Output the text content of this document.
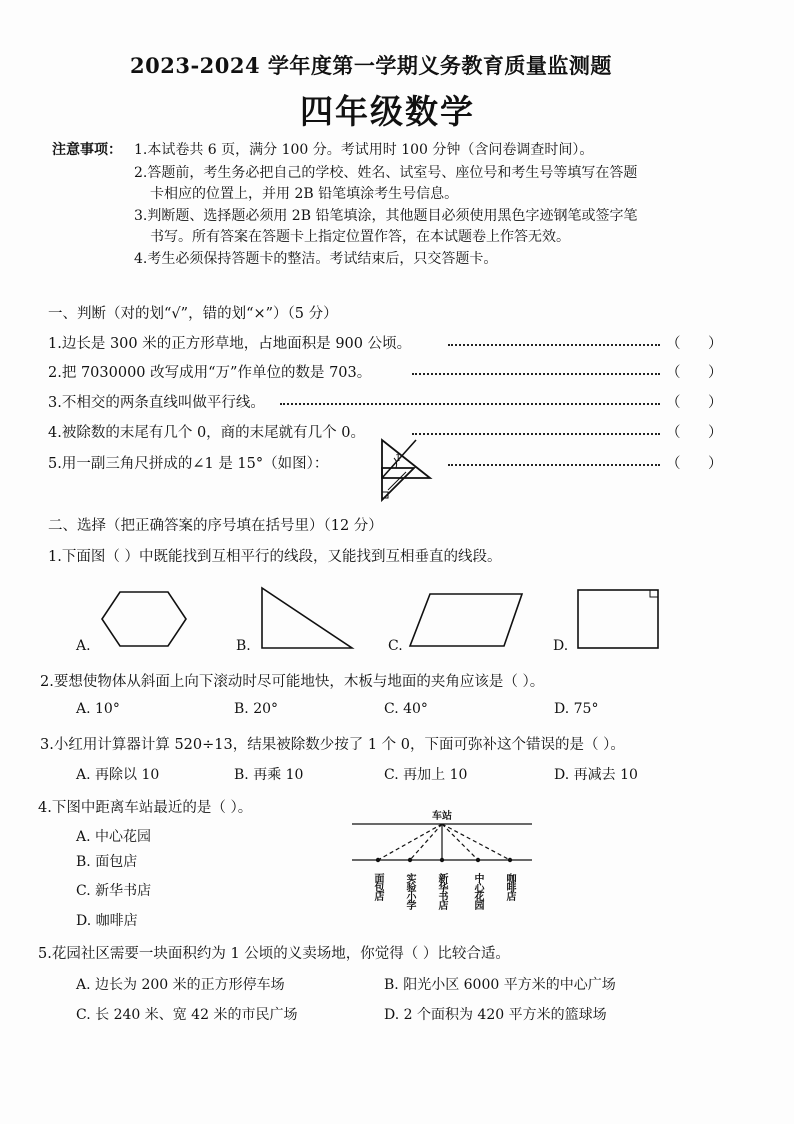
2023-2024 学年度第一学期义务教育质量监测题
四年级数学
注意事项： 1.本试卷共 6 页，满分 100 分。考试用时 100 分钟（含问卷调查时间）。
2.答题前，考生务必把自己的学校、姓名、试室号、座位号和考生号等填写在答题
卡相应的位置上，并用 2B 铅笔填涂考生号信息。
3.判断题、选择题必须用 2B 铅笔填涂，其他题目必须使用黑色字迹钢笔或签字笔
书写。所有答案在答题卡上指定位置作答，在本试题卷上作答无效。
4.考生必须保持答题卡的整洁。考试结束后，只交答题卡。
一、判断（对的划“√”，错的划“×”）（5 分）
1.边长是 300 米的正方形草地，占地面积是 900 公顷。	（ ）
2.把 7030000 改写成用“万”作单位的数是 703。	（ ）
3.不相交的两条直线叫做平行线。	（ ）
4.被除数的末尾有几个 0，商的末尾就有几个 0。	（ ）
5.用一副三角尺拼成的∠1 是 15°（如图）：	（ ）
1
二、选择（把正确答案的序号填在括号里）（12 分）
1.下面图（ ）中既能找到互相平行的线段，又能找到互相垂直的线段。
A.	B.	C.	D.
2.要想使物体从斜面上向下滚动时尽可能地快，木板与地面的夹角应该是（ ）。
A. 10°	B. 20°	C. 40°	D. 75°
3.小红用计算器计算 520÷13，结果被除数少按了 1 个 0，下面可弥补这个错误的是（ ）。
A. 再除以 10	B. 再乘 10	C. 再加上 10	D. 再减去 10
4.下图中距离车站最近的是（ ）。
A. 中心花园
B. 面包店
C. 新华书店
D. 咖啡店
车站
面包店 实验小学 新华书店	中心花园 咖啡店
5.花园社区需要一块面积约为 1 公顷的义卖场地，你觉得（ ）比较合适。
A. 边长为 200 米的正方形停车场	B. 阳光小区 6000 平方米的中心广场
C. 长 240 米、宽 42 米的市民广场	D. 2 个面积为 420 平方米的篮球场
